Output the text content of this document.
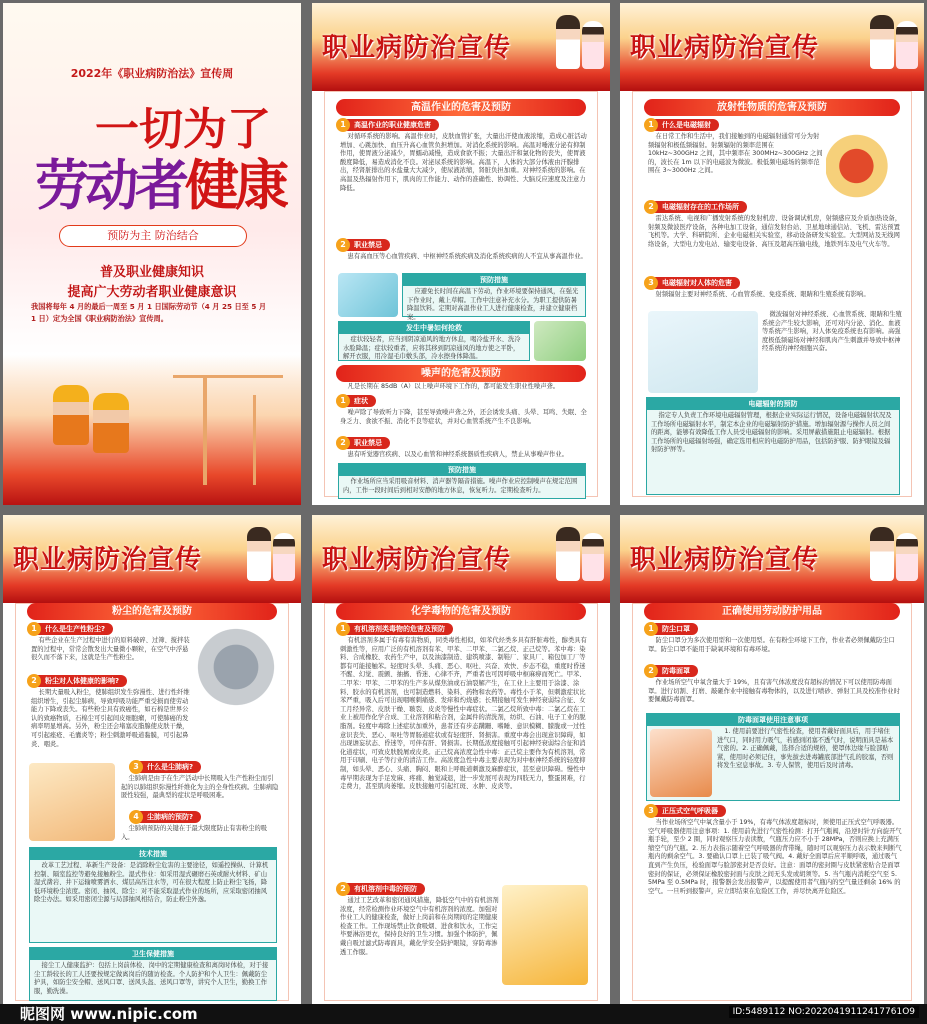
2022年《职业病防治法》宣传周
一切为了
劳动者健康
预防为主 防治结合
普及职业健康知识
提高广大劳动者职业健康意识
我国将每年 4 月的最后一周至 5 月 1 日国际劳动节（4 月 25 日至 5 月 1 日）定为全国《职业病防治法》宣传周。
职业病防治宣传
高温作业的危害及预防
1	高温作业的职业健康危害
对循环系统的影响。高温作业时，皮肤血管扩张，大量出汗使血液浓缩，造成心脏活动增加、心跳加快、血压升高心血管负担增加。对消化系统的影响。高温对唾液分泌有抑制作用，使胃液分泌减少，胃蠕动减慢，造成食欲不振；大量出汗和氯化物的丧失，使胃液酸度降低，易造成消化不良。对泌尿系统的影响。高温下，人体的大部分体液由汗腺排出，经肾脏排出的水盐量大大减少，使尿液浓缩，肾脏负担加重。对神经系统的影响。在高温及热辐射作用下，肌肉的工作能力、动作的准确性、协调性、大脑反应速度及注意力降低。
2	职业禁忌
患有高血压等心血管疾病、中枢神经系统疾病及消化系统疾病的人不宜从事高温作业。
预防措施
应避免长时间在高温下劳动，作业环境要保持通风，在强光下作业时，戴上草帽。工作中注意补充水分。为职工提供防暑降温饮料。定期对高温作业工人进行健康检查，并建立健康档案。
发生中暑如何抢救
症状较轻者，应当到阴凉通风的地方休息，喝冷盐开水、洗冷水脸降温；症状较重者，应将其移到阴凉通风的地方使之平卧，解开衣服，用冷湿毛巾敷头部，冷水擦身体降温。
噪声的危害及预防
凡是长期在 85dB（A）以上噪声环境下工作的，都可能发生职业性噪声聋。
1	症状
噪声除了导致听力下降，甚至导致噪声聋之外，还会诱发头痛、头晕、耳鸣、失眠、全身乏力、食欲不振、消化不良等症状，并对心血管系统产生不良影响。
2	职业禁忌
患有听觉器官疾病、以及心血管和神经系统器质性疾病人，禁止从事噪声作业。
预防措施
作业场所应当采用吸音材料、消声器等隔音措施。噪声作业应控制噪声在规定范围内，工作一段时间后到相对安静的地方休息，恢复听力。定期检查听力。
职业病防治宣传
放射性物质的危害及预防
1	什么是电磁辐射
在日常工作和生活中，我们接触到的电磁辐射通常可分为射频辐射和极低频辐射。射频辐射的频率范围在 10kHz~300GHz 之间，其中频率在 300MHz~300GHz 之间的，波长在 1m 以下的电磁波为微波。极低频电磁场的频率范围在 3~3000Hz 之间。
2	电磁辐射存在的工作场所
雷达系统、电视和广播发射系统的发射机房、设备调试机房，射频感应及介质加热设备，射频及微波医疗设备，各种电加工设备，通信发射台站、卫星地球通信站、飞机、雷达预置飞机等。大学、科研院所、企业电磁相关实验室，移动设备研发实验室。大型网站及无线网络设备，大型电力发电站、输变电设备、高压及超高压输电线，地铁列车及电气火车等。
3	电磁辐射对人体的危害
射频辐射主要对神经系统、心血管系统、免疫系统、眼睛和生殖系统有影响。
微波辐射对神经系统、心血管系统、眼睛和生殖系统会产生较大影响，还可对内分泌、消化、血液等系统产生影响，对人体免疫系统也有影响。高强度极低频磁场对神经和肌肉产生刺激并导致中枢神经系统的神经细胞兴奋。
电磁辐射的预防
指定专人负责工作环境电磁辐射管理，根据企业实际运行情况，设备电磁辐射状况及工作场所电磁辐射水平，制定本企业的电磁辐射防护措施。增加辐射源与操作人员之间的距离，能够有效降低工作人员受电磁辐射的影响。采用屏蔽措施阻止电磁辐射。根据工作场所的电磁辐射场强，确定选用相应的电磁防护用品，包括防护服、防护眼镜及辐射防护屏等。
职业病防治宣传
粉尘的危害及预防
1	什么是生产性粉尘?
有些企业在生产过程中进行的原料破碎、过筛、搅拌装置的过程中，常常会散发出大量微小颗粒，在空气中浮悬很久而不落下来，这就是生产性粉尘。
2	粉尘对人体健康的影响?
长期大量吸入粉尘，使肺组织发生弥漫性、进行性纤维组织增生，引起尘肺病，导致呼吸功能严重受损而使劳动能力下降或丧失。有些粉尘具有致癌性，如石棉是世界公认的致癌物质，石棉尘可引起间皮细胞瘤，可使肺癌的发病率明显增高。另外，粉尘还会堵塞皮脂腺使皮肤干燥，可引起痤疮、毛囊炎等；粉尘刺激呼吸道黏膜，可引起鼻炎、咽炎。
3	什么是尘肺病?
尘肺病是由于在生产活动中长期吸入生产性粉尘而引起的以肺组织弥漫性纤维化为主的全身性疾病。尘肺病隐匿性较强，最典型的症状是呼吸困难。
4	尘肺病的预防?
尘肺病预防的关键在于最大限度防止有害粉尘的吸入。
技术措施
改革工艺过程、革新生产设备：是消除粉尘危害的主要途径，如遥控操纵、计算机控制、隔室监控等避免接触粉尘。湿式作业：如采用湿式碾磨石英或耐火材料、矿山湿式凿岩、井下运输喷雾洒水、煤层高压注水等，可在很大程度上防止粉尘飞扬，降低环境粉尘浓度。密闭、抽风、除尘：对不能采取湿式作业的场所，应采取密闭抽风除尘办法。如采用密闭尘源与局部抽风相结合，防止粉尘外逸。
卫生保健措施
接尘工人健康监护：包括上岗前体检、岗中的定期健康检查和离岗时体检，对于接尘工龄较长的工人还要按规定做离岗后的随访检查。个人防护和个人卫生：佩戴防尘护具，如防尘安全帽、送风口罩、送风头盔、送风口罩等，讲究个人卫生，勤换工作服，勤洗澡。
职业病防治宣传
化学毒物的危害及预防
1	有机溶剂类毒物的危害及预防
有机溶剂多属于有毒有害物质，同类毒性相似，如苯代烃类多具有肝脏毒性，醇类具有刺激性等，应用广泛的有机溶剂有苯、甲苯、二甲苯、二氯乙烷、正己烷等。苯中毒：染料、合成橡胶、农药生产中，以及油漆制造、建筑喷漆、制鞋厂、家具厂、箱包加工厂等都有可能接触苯。轻度时头晕、头痛、恶心、呕吐、兴奋、欢快、步态不稳，重度时昏迷不醒、幻觉、震颤、抽搐、昏迷、心律不齐，严重者也可因呼吸中枢麻痹而死亡。甲苯、二甲苯：甲苯、二甲苯的生产多从煤焦油或石油裂解产生，在工业上主要用于涂漆、涂料、胶水的有机溶剂，也可制造燃料、染料、药物和农药等。毒性小于苯，但刺激症状比苯严重，吸入后可出现咽喉刺痛感、发痒和灼烧感；长期接触可发生神经衰弱综合征、女工月经异常、皮肤干燥、皲裂、皮炎等慢性中毒症状。二氯乙烷所致中毒：二氯乙烷在工业上被用作化学合成、工业溶剂和粘合剂，金属件的清洗剂，纺织、石油、电子工业的脱脂剂。轻度中毒除上述症状加重外，患者还有步态蹒跚、嗜睡、意识模糊、朦胧或一过性意识丧失、恶心、呕吐等胃肠道症状或有轻度肝、肾损害。重度中毒会出现意识障碍，如出现谵妄状态、昏迷等，可伴有肝、肾损害。长期低浓度接触可引起神经衰弱综合征和消化道症状，可致皮肤脱屑或皮炎。正己烷高浓度急性中毒：正己烷主要作为有机溶剂，常用于印刷、电子等行业的清洁工作。高浓度急性中毒主要表现为对中枢神经系统的轻度抑制，如头晕、恶心、头痛、胸闷、眼和上呼吸道刺激及麻醉症状，甚至意识障碍。慢性中毒早期表现为手足发麻、疼痛、触觉减退，进一步发展可表现为四肢无力，整蛋困难，行走费力，甚至肌肉萎缩。皮肤接触可引起红斑、水肿、皮炎等。
2	有机溶剂中毒的预防
通过工艺改革和密闭通风措施，降低空气中的有机溶剂浓度，经常检测作业环境空气中有机溶剂的浓度。加强对作业工人的健康检查，做好上岗前和在岗期间的定期健康检查工作。工作现场禁止饮食吸烟、进食和饮水，工作完毕要淋浴更衣，保持良好的卫生习惯。加强个体防护，佩戴自吸过滤式防毒面具，戴化学安全防护眼镜，穿防毒渗透工作服。
职业病防治宣传
正确使用劳动防护用品
1	防尘口罩
防尘口罩分为多次使用型和一次使用型。在有粉尘环境下工作，作业者必须佩戴防尘口罩。防尘口罩不能用于缺氧环境和有毒环境。
2	防毒面罩
作业场所空气中氧含量大于 19%，且有害气体浓度没有超标的情况下可以使用防毒面罩。进行切割、打磨、敲砸作业中接触有毒物体的，以及进行喷砂、弹射工具及校准作业时要佩戴防毒面罩。
防毒面罩使用注意事项
1. 使用前要进行气密性检查，使用者戴好面具后，用手堵住进气口，同时用力吸气，若感到闭塞不透气时，说明面具是基本气密的。2. 正确佩戴，选择合适的规格，使罩体边缘与脸部贴紧，使用时必须记住，事先拔去进毒罐底部进气孔的胶塞，否则将发生窒息事故。3. 专人保管，使用后及时清毒。
3	正压式空气呼吸器
当作业场所空气中氧含量小于 19%，有毒气体浓度超标时，须使用正压式空气呼吸器。空气呼吸器使用注意事项：1. 使用前先进行气密性检测：打开气瓶阀，沿逆时针方向旋开气瓶手轮，至少 2 圈，同时观察压力表读数，气瓶压力应不小于 28MPa，否则应换上充满压缩空气的气瓶。2. 压力表指示随着空气呼吸器的背带绳，随时可以观察压力表示数来判断气瓶内的剩余空气。3. 要确认口罩上已装了吸气阀。4. 戴好全面罩后应平顺呼吸，通过吸气直到产生负压，检验面罩与脸部密封是否良好。注意：面罩的密封圈与皮肤紧密贴合是面罩密封的保证，必须保证橡胶密封面与皮肤之间无头发或胡须等。5. 当气瓶内消耗空气至 5. 5MPa 至 0.5MPa 时，报警器会发出报警声，以提醒使用者气瓶内的空气量还剩余 16% 的空气。一旦听到报警声，应立即结束在危险区工作，并尽快离开危险区。
昵图网 www.nipic.com	ID:5489112 NO:20220419112417761O9
